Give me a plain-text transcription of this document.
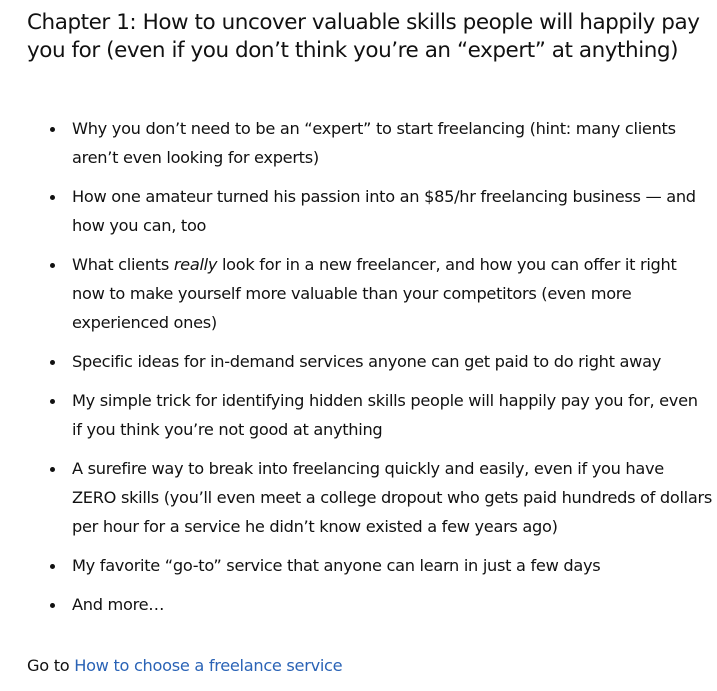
Chapter 1: How to uncover valuable skills people will happily pay you for (even if you don’t think you’re an “expert” at anything)
Why you don’t need to be an “expert” to start freelancing (hint: many clients aren’t even looking for experts)
How one amateur turned his passion into an $85/hr freelancing business — and how you can, too
What clients really look for in a new freelancer, and how you can offer it right now to make yourself more valuable than your competitors (even more experienced ones)
Specific ideas for in-demand services anyone can get paid to do right away
My simple trick for identifying hidden skills people will happily pay you for, even if you think you’re not good at anything
A surefire way to break into freelancing quickly and easily, even if you have ZERO skills (you’ll even meet a college dropout who gets paid hundreds of dollars per hour for a service he didn’t know existed a few years ago)
My favorite “go-to” service that anyone can learn in just a few days
And more…

Go to How to choose a freelance service
